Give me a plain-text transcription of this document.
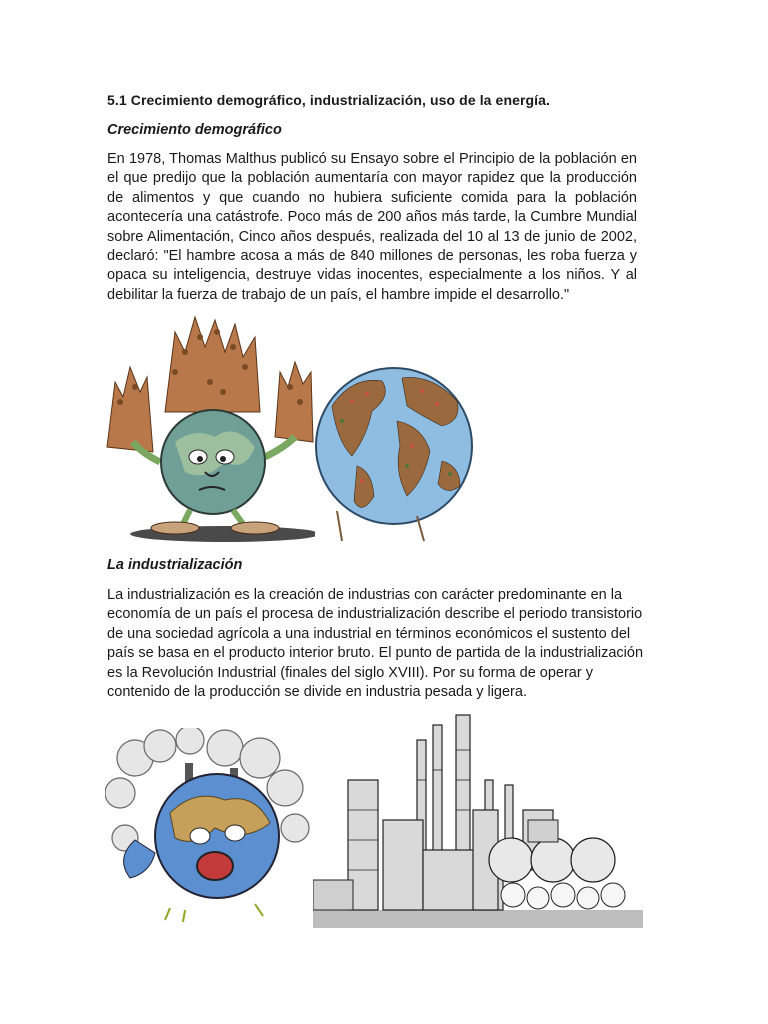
5.1 Crecimiento demográfico, industrialización, uso de la energía.
Crecimiento demográfico

En 1978, Thomas Malthus publicó su Ensayo sobre el Principio de la población en el que predijo que la población aumentaría con mayor rapidez que la producción de alimentos y que cuando no hubiera suficiente comida para la población acontecería una catástrofe. Poco más de 200 años más tarde, la Cumbre Mundial sobre Alimentación, Cinco años después, realizada del 10 al 13 de junio de 2002, declaró: "El hambre acosa a más de 840 millones de personas, les roba fuerza y opaca su inteligencia, destruye vidas inocentes, especialmente a los niños. Y al debilitar la fuerza de trabajo de un país, el hambre impide el desarrollo."

La industrialización

La industrialización es la creación de industrias con carácter predominante en la economía de un país el procesa de industrialización describe el periodo transistorio de una sociedad agrícola a una industrial en términos económicos el sustento del país se basa en el producto interior bruto. El punto de partida de la industrialización es la Revolución Industrial (finales del siglo XVIII). Por su forma de operar y contenido de la producción se divide en industria pesada y ligera.
